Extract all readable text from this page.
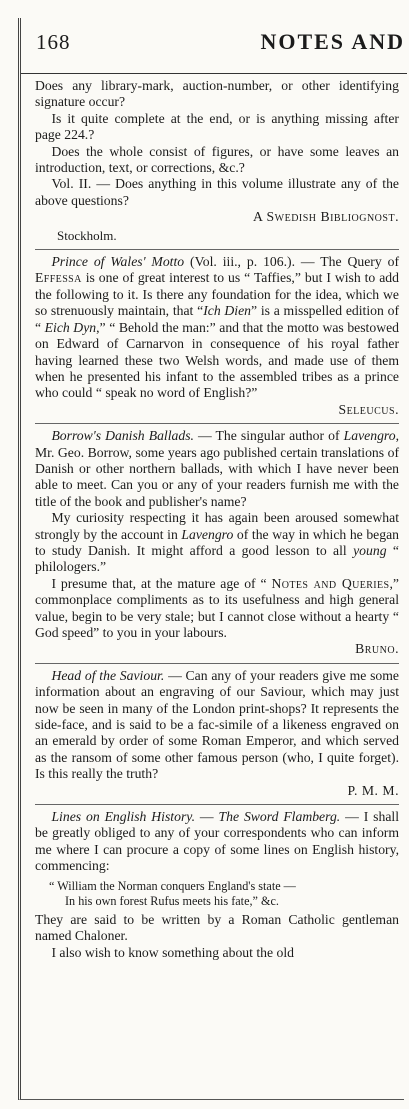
168	NOTES AND

Does any library-mark, auction-number, or other identifying signature occur?

Is it quite complete at the end, or is anything missing after page 224.?

Does the whole consist of figures, or have some leaves an introduction, text, or corrections, &c.?

Vol. II. — Does anything in this volume illustrate any of the above questions?

A Swedish Bibliognost.

Stockholm.

Prince of Wales' Motto (Vol. iii., p. 106.). — The Query of Effessa is one of great interest to us “ Taffies,” but I wish to add the following to it. Is there any foundation for the idea, which we so strenuously maintain, that “Ich Dien” is a misspelled edition of “ Eich Dyn,” “ Behold the man:” and that the motto was bestowed on Edward of Carnarvon in consequence of his royal father having learned these two Welsh words, and made use of them when he presented his infant to the assembled tribes as a prince who could “ speak no word of English?”

Seleucus.

Borrow's Danish Ballads. — The singular author of Lavengro, Mr. Geo. Borrow, some years ago published certain translations of Danish or other northern ballads, with which I have never been able to meet. Can you or any of your readers furnish me with the title of the book and publisher's name?

My curiosity respecting it has again been aroused somewhat strongly by the account in Lavengro of the way in which he began to study Danish. It might afford a good lesson to all young “ philologers.”

I presume that, at the mature age of “ Notes and Queries,” commonplace compliments as to its usefulness and high general value, begin to be very stale; but I cannot close without a hearty “ God speed” to you in your labours.

Bruno.

Head of the Saviour. — Can any of your readers give me some information about an engraving of our Saviour, which may just now be seen in many of the London print-shops? It represents the side-face, and is said to be a fac-simile of a likeness engraved on an emerald by order of some Roman Emperor, and which served as the ransom of some other famous person (who, I quite forget). Is this really the truth?

P. M. M.

Lines on English History. — The Sword Flamberg. — I shall be greatly obliged to any of your correspondents who can inform me where I can procure a copy of some lines on English history, commencing:

“ William the Norman conquers England's state —
In his own forest Rufus meets his fate,” &c.

They are said to be written by a Roman Catholic gentleman named Chaloner.

I also wish to know something about the old
